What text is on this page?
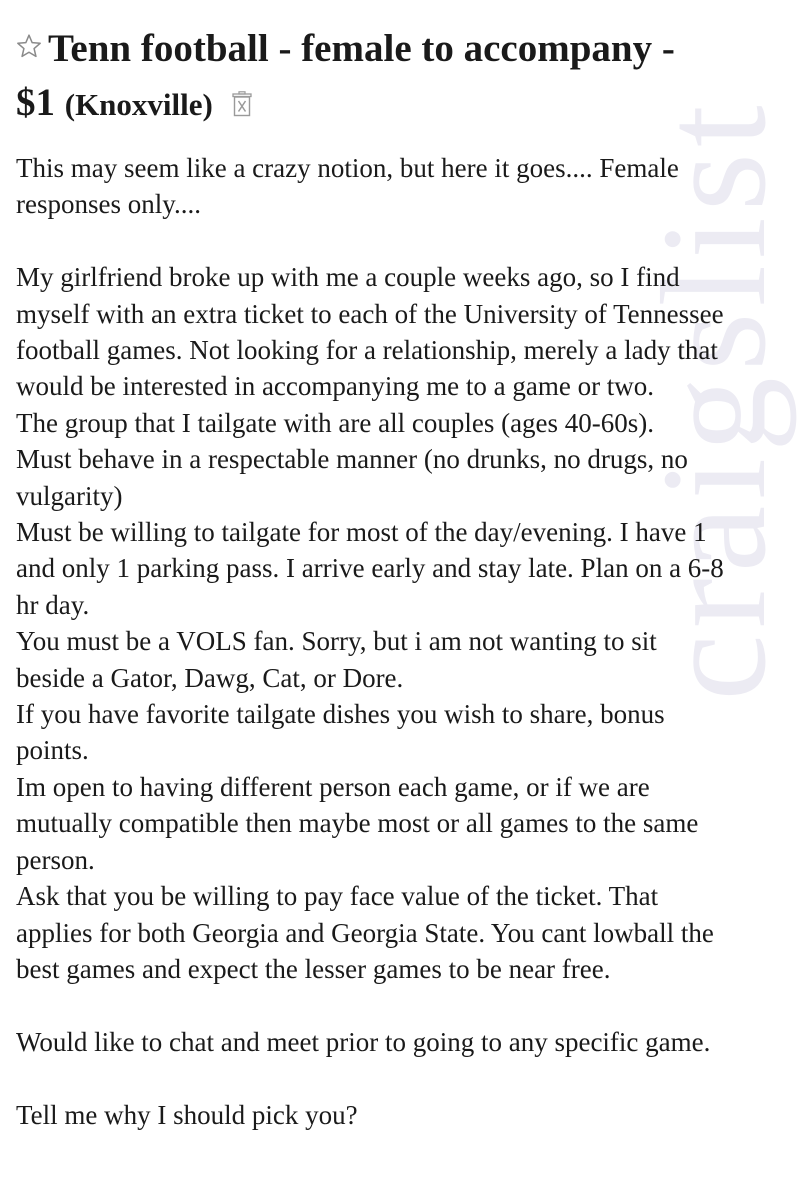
craigslist
Tenn football - female to accompany -
$1 (Knoxville)

This may seem like a crazy notion, but here it goes.... Female responses only....

My girlfriend broke up with me a couple weeks ago, so I find myself with an extra ticket to each of the University of Tennessee football games. Not looking for a relationship, merely a lady that would be interested in accompanying me to a game or two.

The group that I tailgate with are all couples (ages 40-60s).

Must behave in a respectable manner (no drunks, no drugs, no vulgarity)

Must be willing to tailgate for most of the day/evening. I have 1 and only 1 parking pass. I arrive early and stay late. Plan on a 6-8 hr day.

You must be a VOLS fan. Sorry, but i am not wanting to sit beside a Gator, Dawg, Cat, or Dore.

If you have favorite tailgate dishes you wish to share, bonus points.

Im open to having different person each game, or if we are mutually compatible then maybe most or all games to the same person.

Ask that you be willing to pay face value of the ticket. That applies for both Georgia and Georgia State. You cant lowball the best games and expect the lesser games to be near free.

Would like to chat and meet prior to going to any specific game.

Tell me why I should pick you?
